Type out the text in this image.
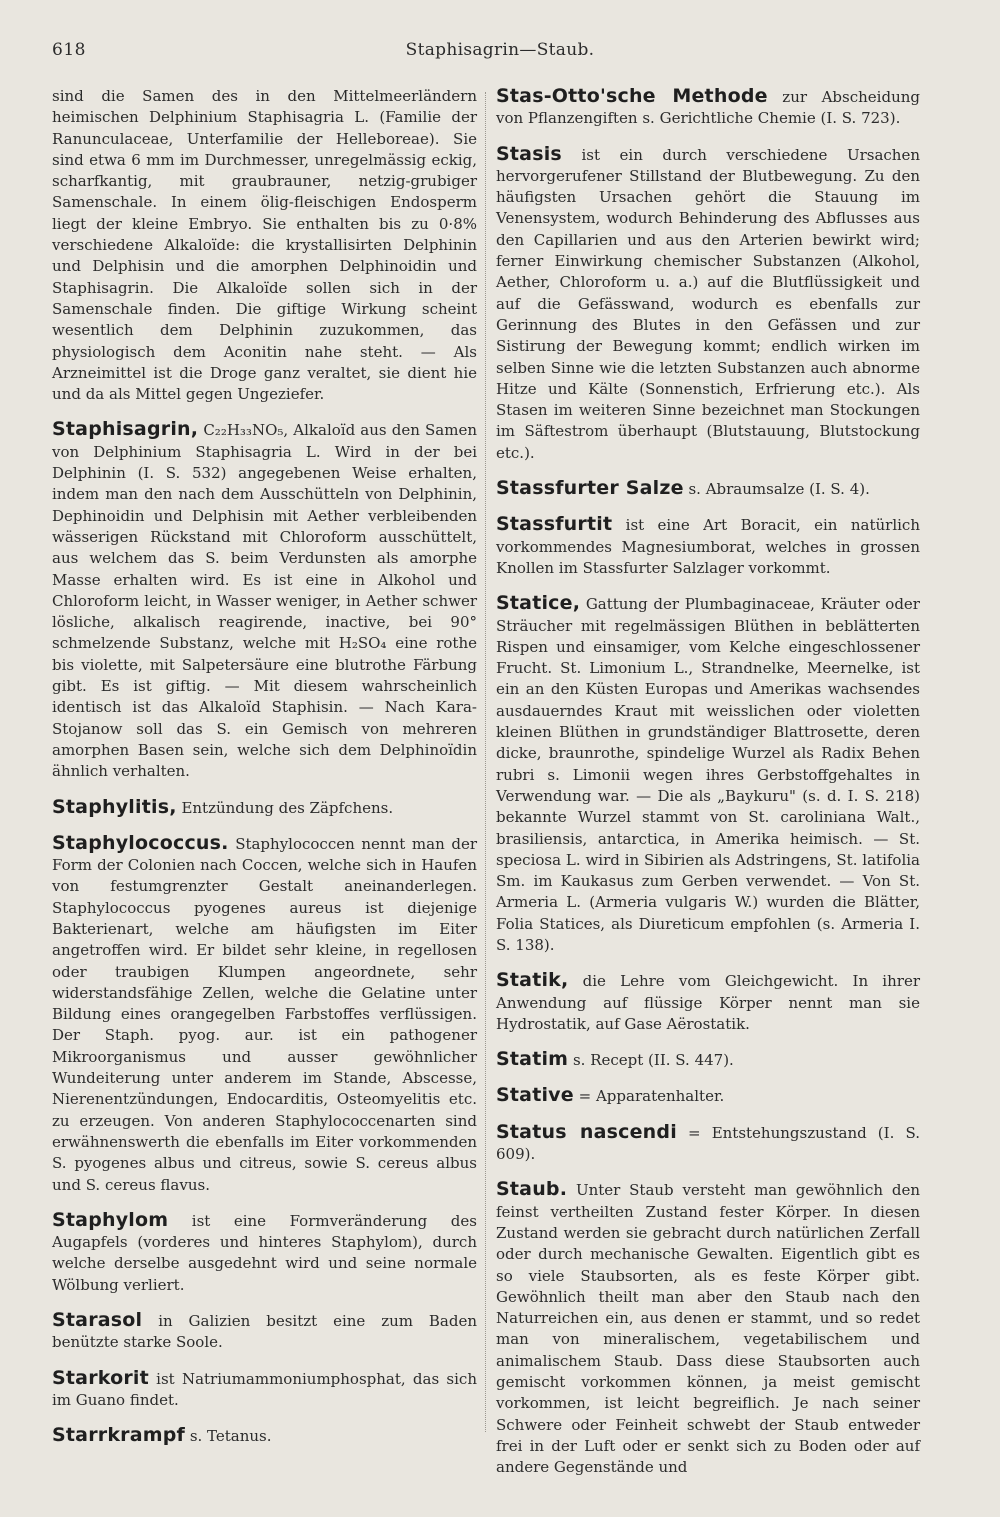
618	Staphisagrin—Staub.

sind die Samen des in den Mittelmeerländern heimischen Delphinium Staphisagria L. (Familie der Ranunculaceae, Unterfamilie der Helleboreae). Sie sind etwa 6 mm im Durchmesser, unregelmässig eckig, scharfkantig, mit graubrauner, netzig-grubiger Samenschale. In einem ölig-fleischigen Endosperm liegt der kleine Embryo. Sie enthalten bis zu 0·8% verschiedene Alkaloïde: die krystallisirten Delphinin und Delphisin und die amorphen Delphinoidin und Staphisagrin. Die Alkaloïde sollen sich in der Samenschale finden. Die giftige Wirkung scheint wesentlich dem Delphinin zuzukommen, das physiologisch dem Aconitin nahe steht. — Als Arzneimittel ist die Droge ganz veraltet, sie dient hie und da als Mittel gegen Ungeziefer.

Staphisagrin, C₂₂H₃₃NO₅, Alkaloïd aus den Samen von Delphinium Staphisagria L. Wird in der bei Delphinin (I. S. 532) angegebenen Weise erhalten, indem man den nach dem Ausschütteln von Delphinin, Dephinoidin und Delphisin mit Aether verbleibenden wässerigen Rückstand mit Chloroform ausschüttelt, aus welchem das S. beim Verdunsten als amorphe Masse erhalten wird. Es ist eine in Alkohol und Chloroform leicht, in Wasser weniger, in Aether schwer lösliche, alkalisch reagirende, inactive, bei 90° schmelzende Substanz, welche mit H₂SO₄ eine rothe bis violette, mit Salpetersäure eine blutrothe Färbung gibt. Es ist giftig. — Mit diesem wahrscheinlich identisch ist das Alkaloïd Staphisin. — Nach Kara-Stojanow soll das S. ein Gemisch von mehreren amorphen Basen sein, welche sich dem Delphinoïdin ähnlich verhalten.

Staphylitis, Entzündung des Zäpfchens.

Staphylococcus. Staphylococcen nennt man der Form der Colonien nach Coccen, welche sich in Haufen von festumgrenzter Gestalt aneinanderlegen. Staphylococcus pyogenes aureus ist diejenige Bakterienart, welche am häufigsten im Eiter angetroffen wird. Er bildet sehr kleine, in regellosen oder traubigen Klumpen angeordnete, sehr widerstandsfähige Zellen, welche die Gelatine unter Bildung eines orangegelben Farbstoffes verflüssigen. Der Staph. pyog. aur. ist ein pathogener Mikroorganismus und ausser gewöhnlicher Wundeiterung unter anderem im Stande, Abscesse, Nierenentzündungen, Endocarditis, Osteomyelitis etc. zu erzeugen. Von anderen Staphylococcenarten sind erwähnenswerth die ebenfalls im Eiter vorkommenden S. pyogenes albus und citreus, sowie S. cereus albus und S. cereus flavus.

Staphylom ist eine Formveränderung des Augapfels (vorderes und hinteres Staphylom), durch welche derselbe ausgedehnt wird und seine normale Wölbung verliert.

Starasol in Galizien besitzt eine zum Baden benützte starke Soole.

Starkorit ist Natriumammoniumphosphat, das sich im Guano findet.

Starrkrampf s. Tetanus.

Stas-Otto'sche Methode zur Abscheidung von Pflanzengiften s. Gerichtliche Chemie (I. S. 723).

Stasis ist ein durch verschiedene Ursachen hervorgerufener Stillstand der Blutbewegung. Zu den häufigsten Ursachen gehört die Stauung im Venensystem, wodurch Behinderung des Abflusses aus den Capillarien und aus den Arterien bewirkt wird; ferner Einwirkung chemischer Substanzen (Alkohol, Aether, Chloroform u. a.) auf die Blutflüssigkeit und auf die Gefässwand, wodurch es ebenfalls zur Gerinnung des Blutes in den Gefässen und zur Sistirung der Bewegung kommt; endlich wirken im selben Sinne wie die letzten Substanzen auch abnorme Hitze und Kälte (Sonnenstich, Erfrierung etc.). Als Stasen im weiteren Sinne bezeichnet man Stockungen im Säftestrom überhaupt (Blutstauung, Blutstockung etc.).

Stassfurter Salze s. Abraumsalze (I. S. 4).

Stassfurtit ist eine Art Boracit, ein natürlich vorkommendes Magnesiumborat, welches in grossen Knollen im Stassfurter Salzlager vorkommt.

Statice, Gattung der Plumbaginaceae, Kräuter oder Sträucher mit regelmässigen Blüthen in beblätterten Rispen und einsamiger, vom Kelche eingeschlossener Frucht. St. Limonium L., Strandnelke, Meernelke, ist ein an den Küsten Europas und Amerikas wachsendes ausdauerndes Kraut mit weisslichen oder violetten kleinen Blüthen in grundständiger Blattrosette, deren dicke, braunrothe, spindelige Wurzel als Radix Behen rubri s. Limonii wegen ihres Gerbstoffgehaltes in Verwendung war. — Die als „Baykuru" (s. d. I. S. 218) bekannte Wurzel stammt von St. caroliniana Walt., brasiliensis, antarctica, in Amerika heimisch. — St. speciosa L. wird in Sibirien als Adstringens, St. latifolia Sm. im Kaukasus zum Gerben verwendet. — Von St. Armeria L. (Armeria vulgaris W.) wurden die Blätter, Folia Statices, als Diureticum empfohlen (s. Armeria I. S. 138).

Statik, die Lehre vom Gleichgewicht. In ihrer Anwendung auf flüssige Körper nennt man sie Hydrostatik, auf Gase Aërostatik.

Statim s. Recept (II. S. 447).

Stative = Apparatenhalter.

Status nascendi = Entstehungszustand (I. S. 609).

Staub. Unter Staub versteht man gewöhnlich den feinst vertheilten Zustand fester Körper. In diesen Zustand werden sie gebracht durch natürlichen Zerfall oder durch mechanische Gewalten. Eigentlich gibt es so viele Staubsorten, als es feste Körper gibt. Gewöhnlich theilt man aber den Staub nach den Naturreichen ein, aus denen er stammt, und so redet man von mineralischem, vegetabilischem und animalischem Staub. Dass diese Staubsorten auch gemischt vorkommen können, ja meist gemischt vorkommen, ist leicht begreiflich. Je nach seiner Schwere oder Feinheit schwebt der Staub entweder frei in der Luft oder er senkt sich zu Boden oder auf andere Gegenstände und
